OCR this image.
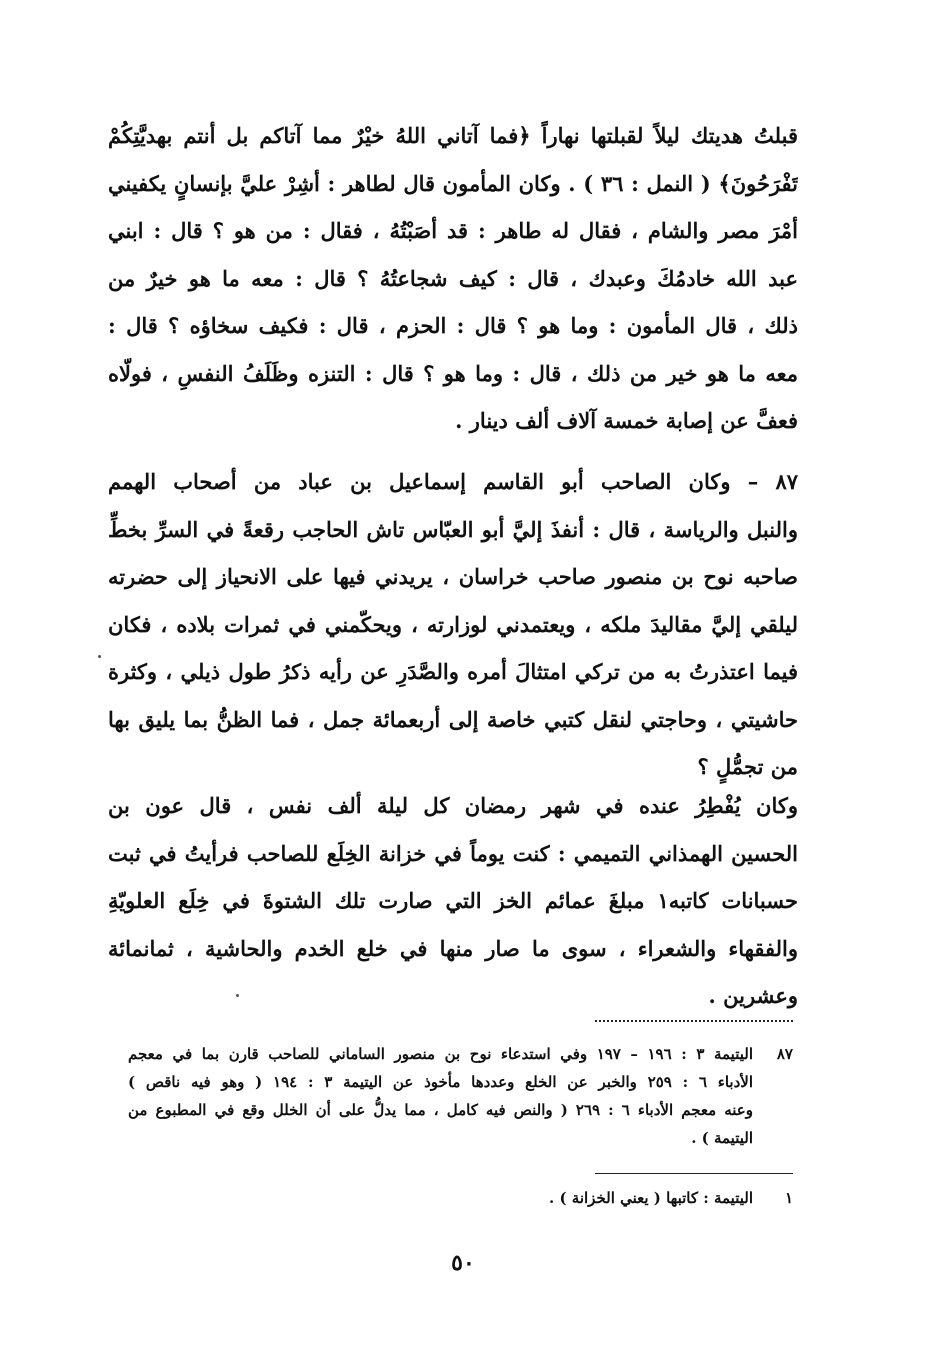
قبلتُ هديتك ليلاً لقبلتها نهاراً ﴿فما آتاني اللهُ خيْرٌ مما آتاكم بل أنتم بهديَّتِكُمْ
تَفْرَحُونَ﴾ ( النمل : ٣٦ ) . وكان المأمون قال لطاهر : أشِرْ عليَّ بإنسانٍ يكفيني
أمْرَ مصر والشام ، فقال له طاهر : قد أصَبْتُهُ ، فقال : من هو ؟ قال : ابني
عبد الله خادمُكَ وعبدك ، قال : كيف شجاعتُهُ ؟ قال : معه ما هو خيرٌ من
ذلك ، قال المأمون : وما هو ؟ قال : الحزم ، قال : فكيف سخاؤه ؟ قال :
معه ما هو خير من ذلك ، قال : وما هو ؟ قال : التنزه وظَلَفُ النفسِ ، فولّاه
فعفَّ عن إصابة خمسة آلاف ألف دينار .
٨٧ – وكان الصاحب أبو القاسم إسماعيل بن عباد من أصحاب الهمم
والنبل والرياسة ، قال : أنفذَ إليَّ أبو العبّاس تاش الحاجب رقعةً في السرِّ بخطِّ
صاحبه نوح بن منصور صاحب خراسان ، يريدني فيها على الانحياز إلى حضرته
ليلقي إليَّ مقاليدَ ملكه ، ويعتمدني لوزارته ، ويحكّمني في ثمرات بلاده ، فكان
فيما اعتذرتُ به من تركي امتثالَ أمره والصَّدَرِ عن رأيه ذكرُ طول ذيلي ، وكثرة
حاشيتي ، وحاجتي لنقل كتبي خاصة إلى أربعمائة جمل ، فما الظنُّ بما يليق بها
من تجمُّلٍ ؟
وكان يُفْطِرُ عنده في شهر رمضان كل ليلة ألف نفس ، قال عون بن
الحسين الهمذاني التميمي : كنت يوماً في خزانة الخِلَع للصاحب فرأيتُ في ثبت
حسبانات كاتبه١ مبلغَ عمائم الخز التي صارت تلك الشتوةَ في خِلَع العلويّةِ
والفقهاء والشعراء ، سوى ما صار منها في خلع الخدم والحاشية ، ثمانمائة
وعشرين .
٨٧
اليتيمة ٣ : ١٩٦ – ١٩٧ وفي استدعاء نوح بن منصور الساماني للصاحب قارن بما في معجم
الأدباء ٦ : ٢٥٩ والخبر عن الخلع وعددها مأخوذ عن اليتيمة ٣ : ١٩٤ ( وهو فيه ناقص )
وعنه معجم الأدباء ٦ : ٢٦٩ ( والنص فيه كامل ، مما يدلُّ على أن الخلل وقع في المطبوع من
اليتيمة ) .
١
اليتيمة : كاتبها ( يعني الخزانة ) .
٥٠
